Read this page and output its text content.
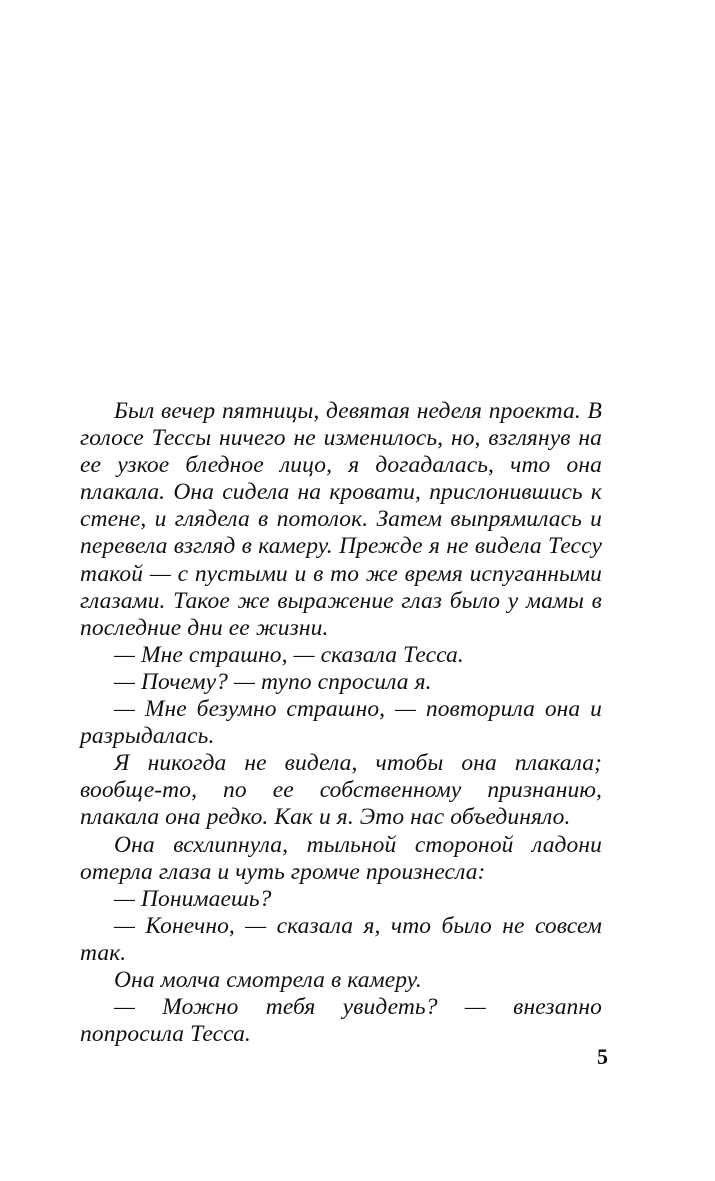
Был вечер пятницы, девятая неделя проекта. В голосе Тессы ничего не изменилось, но, взглянув на ее узкое бледное лицо, я догадалась, что она плакала. Она сидела на кровати, прислонившись к стене, и глядела в потолок. Затем выпрямилась и перевела взгляд в камеру. Прежде я не видела Тессу такой — с пустыми и в то же время испуганными глазами. Такое же выражение глаз было у мамы в последние дни ее жизни.

— Мне страшно, — сказала Тесса.

— Почему? — тупо спросила я.

— Мне безумно страшно, — повторила она и разрыдалась.

Я никогда не видела, чтобы она плакала; вообще-то, по ее собственному признанию, плакала она редко. Как и я. Это нас объединяло.

Она всхлипнула, тыльной стороной ладони отерла глаза и чуть громче произнесла:

— Понимаешь?

— Конечно, — сказала я, что было не совсем так.

Она молча смотрела в камеру.

— Можно тебя увидеть? — внезапно попросила Тесса.

5
